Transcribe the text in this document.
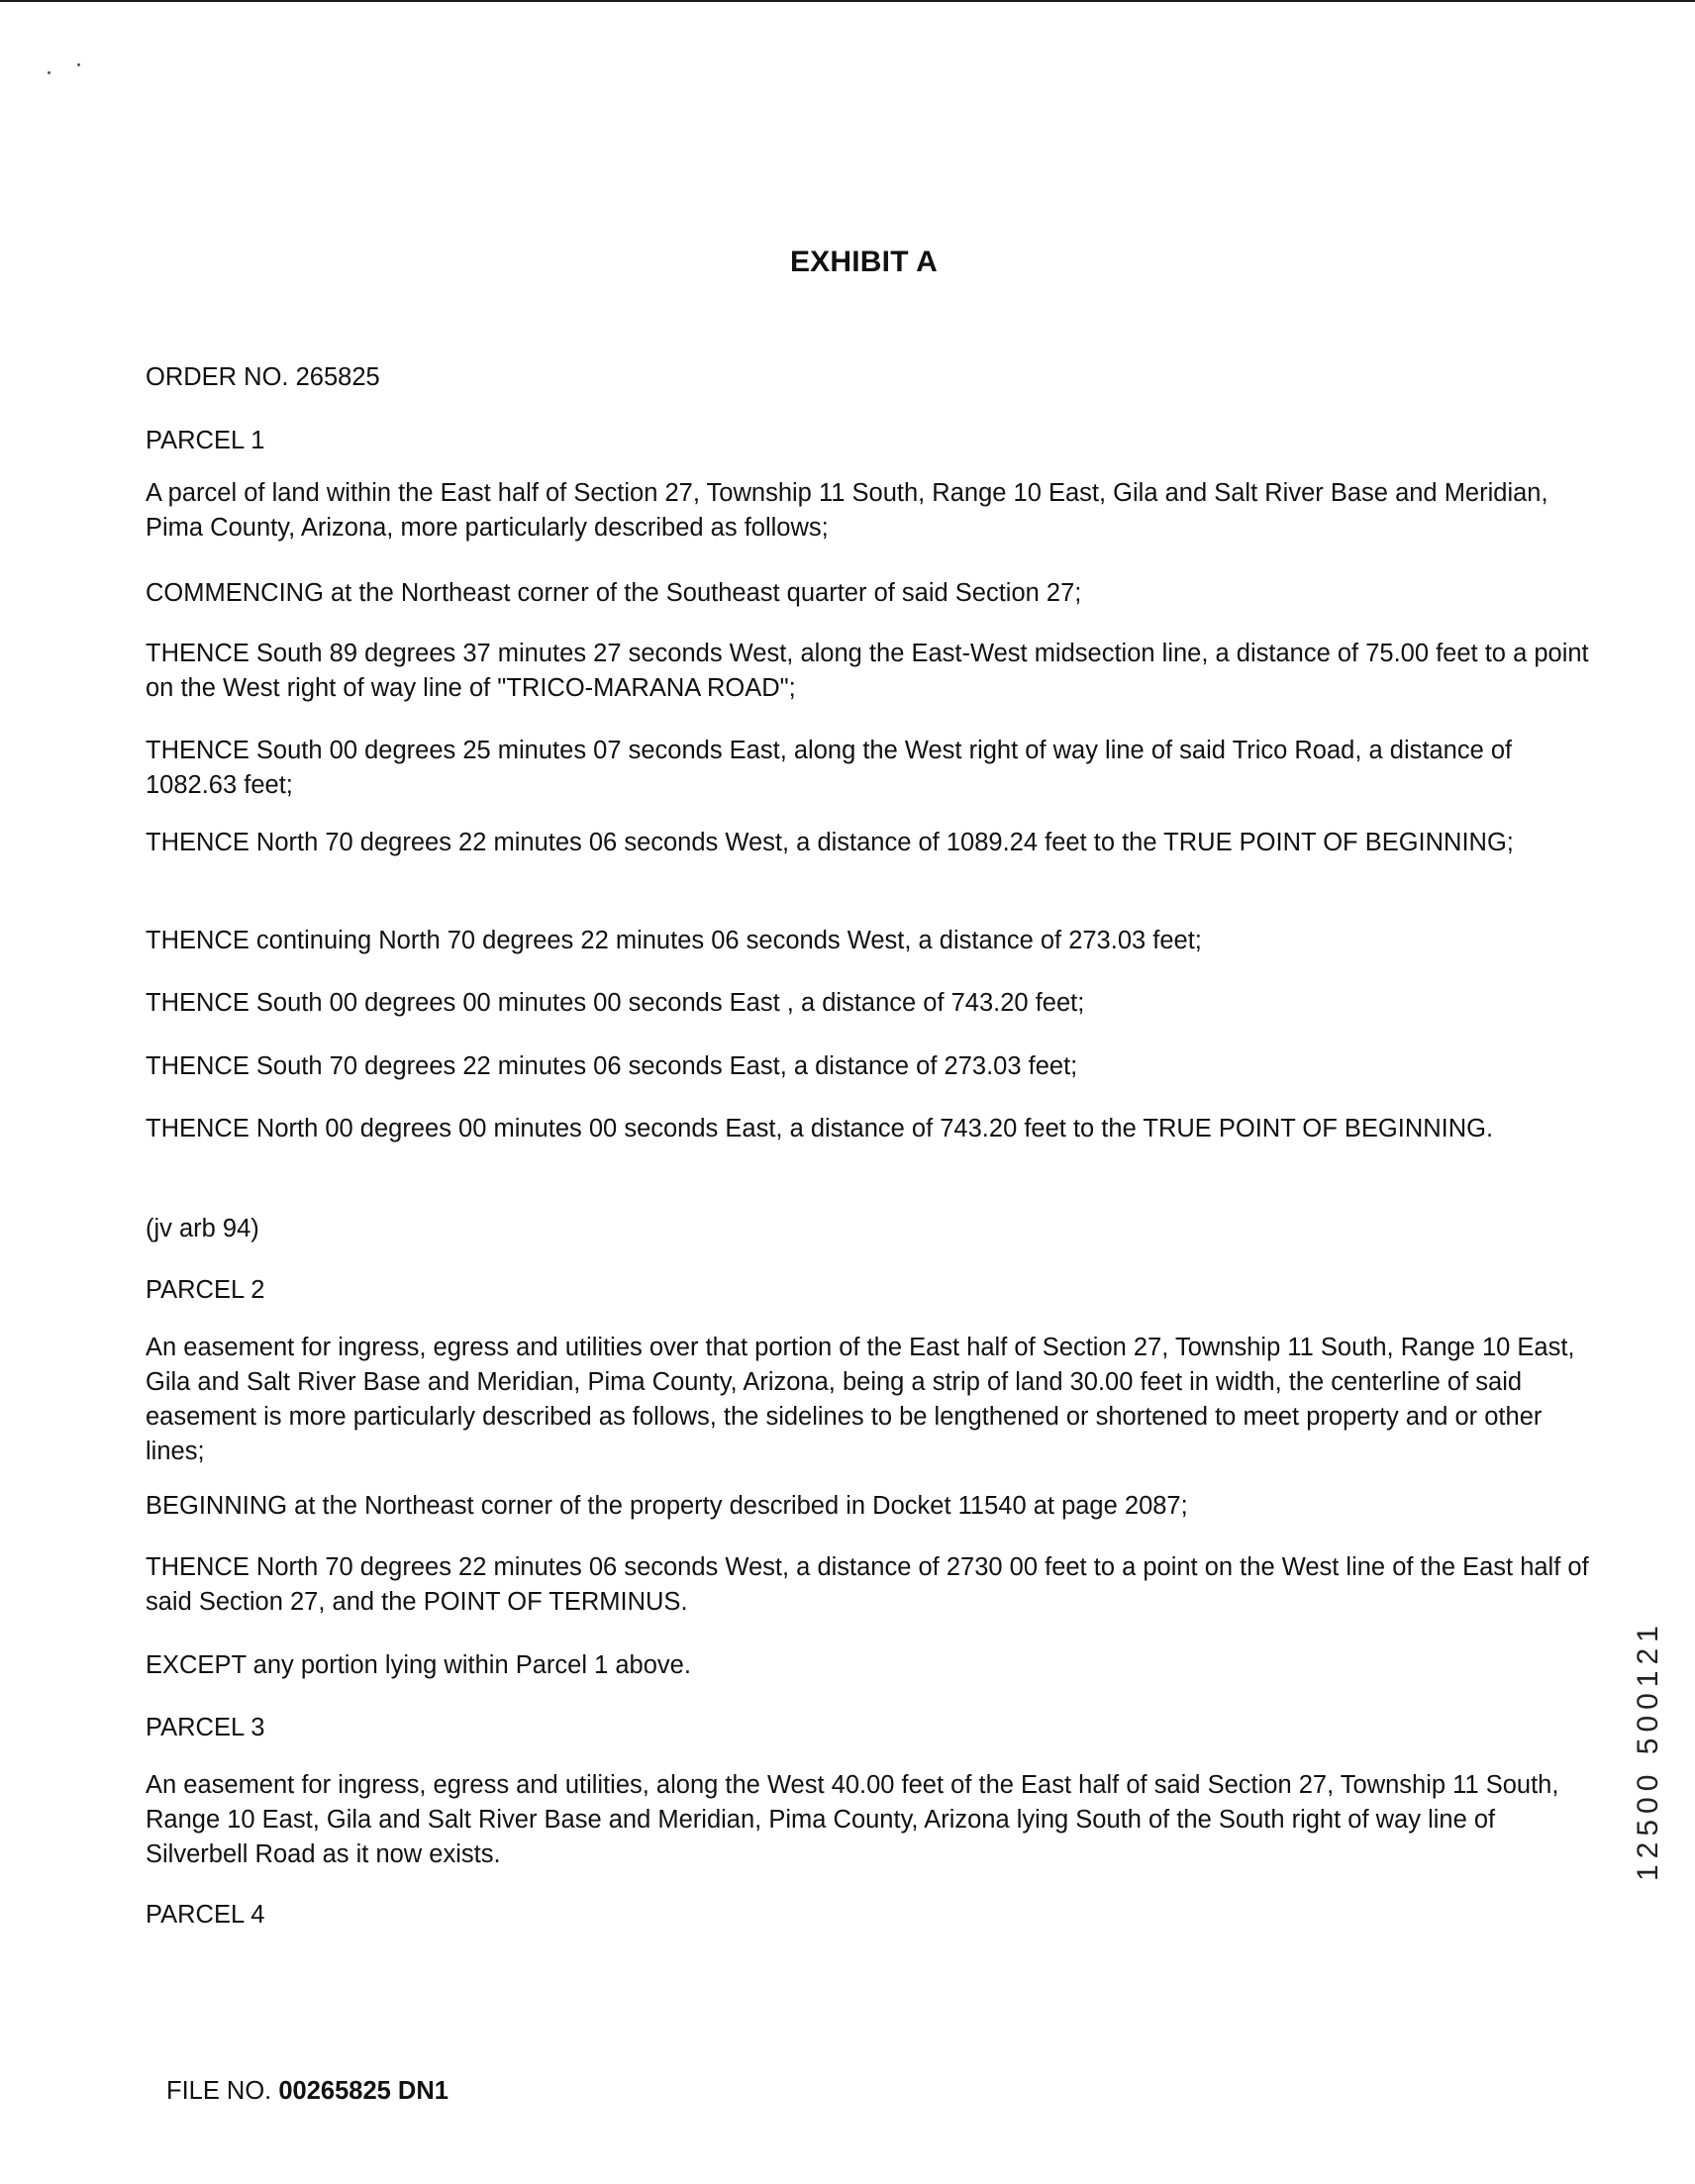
EXHIBIT A
ORDER NO. 265825
PARCEL 1
A parcel of land within the East half of Section 27, Township 11 South, Range 10 East, Gila and Salt River Base and Meridian, Pima County, Arizona, more particularly described as follows;
COMMENCING at the Northeast corner of the Southeast quarter of said Section 27;
THENCE South 89 degrees 37 minutes 27 seconds West, along the East-West midsection line, a distance of 75.00 feet to a point on the West right of way line of "TRICO-MARANA ROAD";
THENCE South 00 degrees 25 minutes 07 seconds East, along the West right of way line of said Trico Road, a distance of 1082.63 feet;
THENCE North 70 degrees 22 minutes 06 seconds West, a distance of 1089.24 feet to the TRUE POINT OF BEGINNING;
THENCE continuing North 70 degrees 22 minutes 06 seconds West, a distance of 273.03 feet;
THENCE South 00 degrees 00 minutes 00 seconds East , a distance of 743.20 feet;
THENCE South 70 degrees 22 minutes 06 seconds East, a distance of 273.03 feet;
THENCE North 00 degrees 00 minutes 00 seconds East, a distance of 743.20 feet to the TRUE POINT OF BEGINNING.
(jv arb 94)
PARCEL 2
An easement for ingress, egress and utilities over that portion of the East half of Section 27, Township 11 South, Range 10 East, Gila and Salt River Base and Meridian, Pima County, Arizona, being a strip of land 30.00 feet in width, the centerline of said easement is more particularly described as follows, the sidelines to be lengthened or shortened to meet property and or other lines;
BEGINNING at the Northeast corner of the property described in Docket 11540 at page 2087;
THENCE North 70 degrees 22 minutes 06 seconds West, a distance of 2730 00 feet to a point on the West line of the East half of said Section 27, and the POINT OF TERMINUS.
EXCEPT any portion lying within Parcel 1 above.
PARCEL 3
An easement for ingress, egress and utilities, along the West 40.00 feet of the East half of said Section 27, Township 11 South, Range 10 East, Gila and Salt River Base and Meridian, Pima County, Arizona lying South of the South right of way line of Silverbell Road as it now exists.
PARCEL 4
FILE NO. 00265825 DN1
12500 500121
